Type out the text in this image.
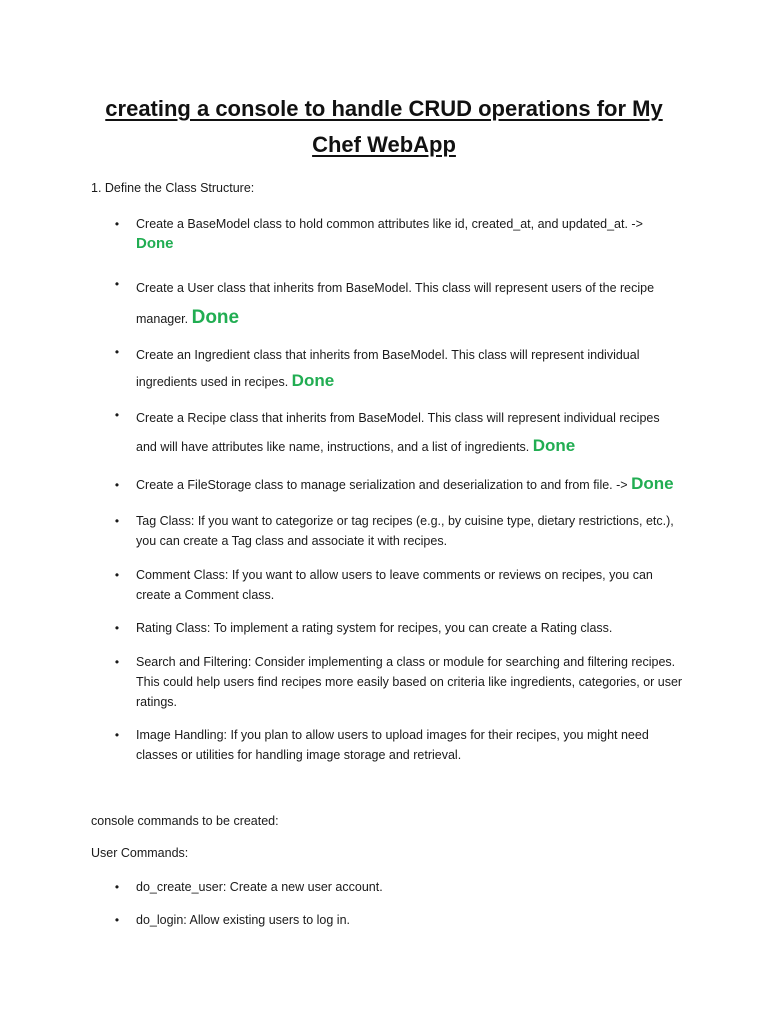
creating a console to handle CRUD operations for My
Chef WebApp
1. Define the Class Structure:
• Create a BaseModel class to hold common attributes like id, created_at, and updated_at. ->
Done
• Create a User class that inherits from BaseModel. This class will represent users of the recipe manager. Done
• Create an Ingredient class that inherits from BaseModel. This class will represent individual ingredients used in recipes. Done
• Create a Recipe class that inherits from BaseModel. This class will represent individual recipes and will have attributes like name, instructions, and a list of ingredients. Done
• Create a FileStorage class to manage serialization and deserialization to and from file. -> Done
• Tag Class: If you want to categorize or tag recipes (e.g., by cuisine type, dietary restrictions, etc.), you can create a Tag class and associate it with recipes.
• Comment Class: If you want to allow users to leave comments or reviews on recipes, you can create a Comment class.
• Rating Class: To implement a rating system for recipes, you can create a Rating class.
• Search and Filtering: Consider implementing a class or module for searching and filtering recipes. This could help users find recipes more easily based on criteria like ingredients, categories, or user ratings.
• Image Handling: If you plan to allow users to upload images for their recipes, you might need classes or utilities for handling image storage and retrieval.
console commands to be created:
User Commands:
• do_create_user: Create a new user account.
• do_login: Allow existing users to log in.
